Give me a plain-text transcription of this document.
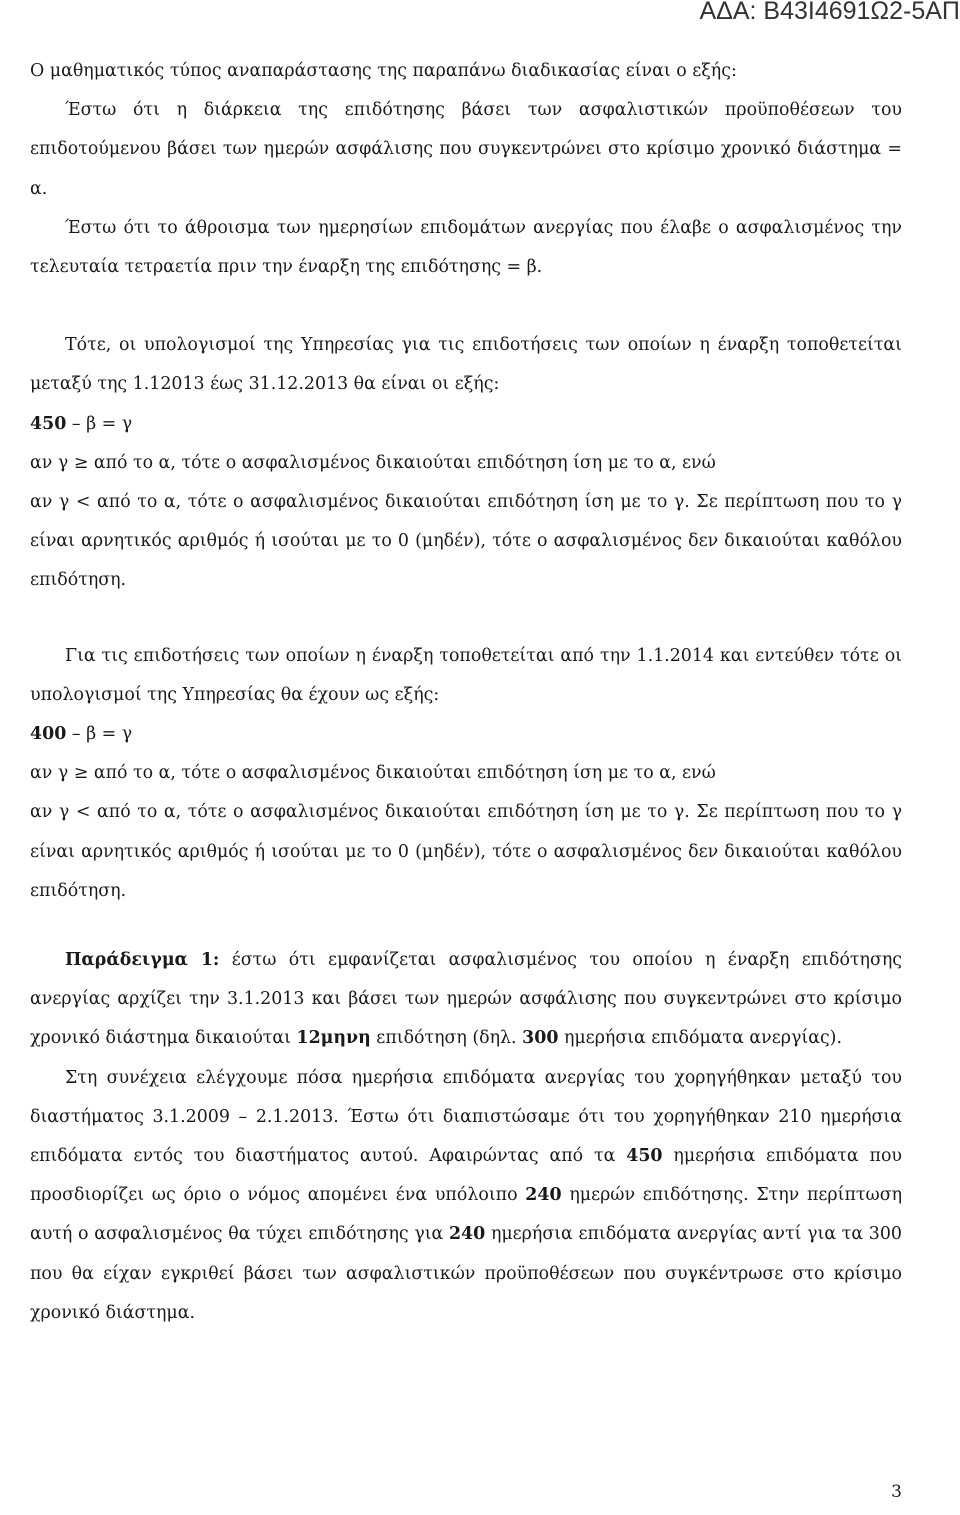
ΑΔΑ: Β43Ι4691Ω2-5ΑΠ

Ο μαθηματικός τύπος αναπαράστασης της παραπάνω διαδικασίας είναι ο εξής:

Έστω ότι η διάρκεια της επιδότησης βάσει των ασφαλιστικών προϋποθέσεων του επιδοτούμενου βάσει των ημερών ασφάλισης που συγκεντρώνει στο κρίσιμο χρονικό διάστημα = α.

Έστω ότι το άθροισμα των ημερησίων επιδομάτων ανεργίας που έλαβε ο ασφαλισμένος την τελευταία τετραετία πριν την έναρξη της επιδότησης = β.

Τότε, οι υπολογισμοί της Υπηρεσίας για τις επιδοτήσεις των οποίων η έναρξη τοποθετείται μεταξύ της 1.12013 έως 31.12.2013 θα είναι οι εξής:

450 – β = γ

αν γ ≥ από το α, τότε ο ασφαλισμένος δικαιούται επιδότηση ίση με το α, ενώ

αν γ < από το α, τότε ο ασφαλισμένος δικαιούται επιδότηση ίση με το γ. Σε περίπτωση που το γ είναι αρνητικός αριθμός ή ισούται με το 0 (μηδέν), τότε ο ασφαλισμένος δεν δικαιούται καθόλου επιδότηση.

Για τις επιδοτήσεις των οποίων η έναρξη τοποθετείται από την 1.1.2014 και εντεύθεν τότε οι υπολογισμοί της Υπηρεσίας θα έχουν ως εξής:

400 – β = γ

αν γ ≥ από το α, τότε ο ασφαλισμένος δικαιούται επιδότηση ίση με το α, ενώ

αν γ < από το α, τότε ο ασφαλισμένος δικαιούται επιδότηση ίση με το γ. Σε περίπτωση που το γ είναι αρνητικός αριθμός ή ισούται με το 0 (μηδέν), τότε ο ασφαλισμένος δεν δικαιούται καθόλου επιδότηση.

Παράδειγμα 1: έστω ότι εμφανίζεται ασφαλισμένος του οποίου η έναρξη επιδότησης ανεργίας αρχίζει την 3.1.2013 και βάσει των ημερών ασφάλισης που συγκεντρώνει στο κρίσιμο χρονικό διάστημα δικαιούται 12μηνη επιδότηση (δηλ. 300 ημερήσια επιδόματα ανεργίας).

Στη συνέχεια ελέγχουμε πόσα ημερήσια επιδόματα ανεργίας του χορηγήθηκαν μεταξύ του διαστήματος 3.1.2009 – 2.1.2013. Έστω ότι διαπιστώσαμε ότι του χορηγήθηκαν 210 ημερήσια επιδόματα εντός του διαστήματος αυτού. Αφαιρώντας από τα 450 ημερήσια επιδόματα που προσδιορίζει ως όριο ο νόμος απομένει ένα υπόλοιπο 240 ημερών επιδότησης. Στην περίπτωση αυτή ο ασφαλισμένος θα τύχει επιδότησης για 240 ημερήσια επιδόματα ανεργίας αντί για τα 300 που θα είχαν εγκριθεί βάσει των ασφαλιστικών προϋποθέσεων που συγκέντρωσε στο κρίσιμο χρονικό διάστημα.

3
